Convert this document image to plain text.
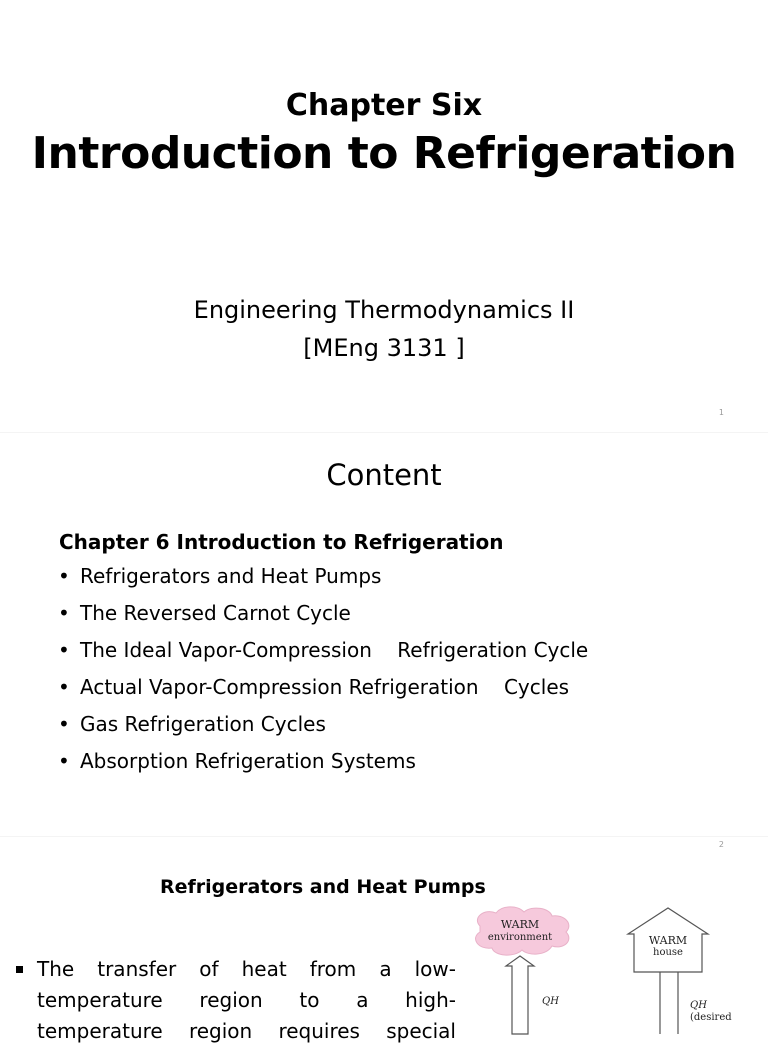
Chapter Six
Introduction to Refrigeration
Engineering Thermodynamics II
[MEng 3131 ]
1
Content
Chapter 6 Introduction to Refrigeration
• Refrigerators and Heat Pumps
• The Reversed Carnot Cycle
• The Ideal Vapor-Compression    Refrigeration Cycle
• Actual Vapor-Compression Refrigeration    Cycles
• Gas Refrigeration Cycles
• Absorption Refrigeration Systems
2
Refrigerators and Heat Pumps
The transfer of heat from a low-
temperature region to a high-
temperature region requires special
WARM
environment
QH
WARM
house
QH
(desired
